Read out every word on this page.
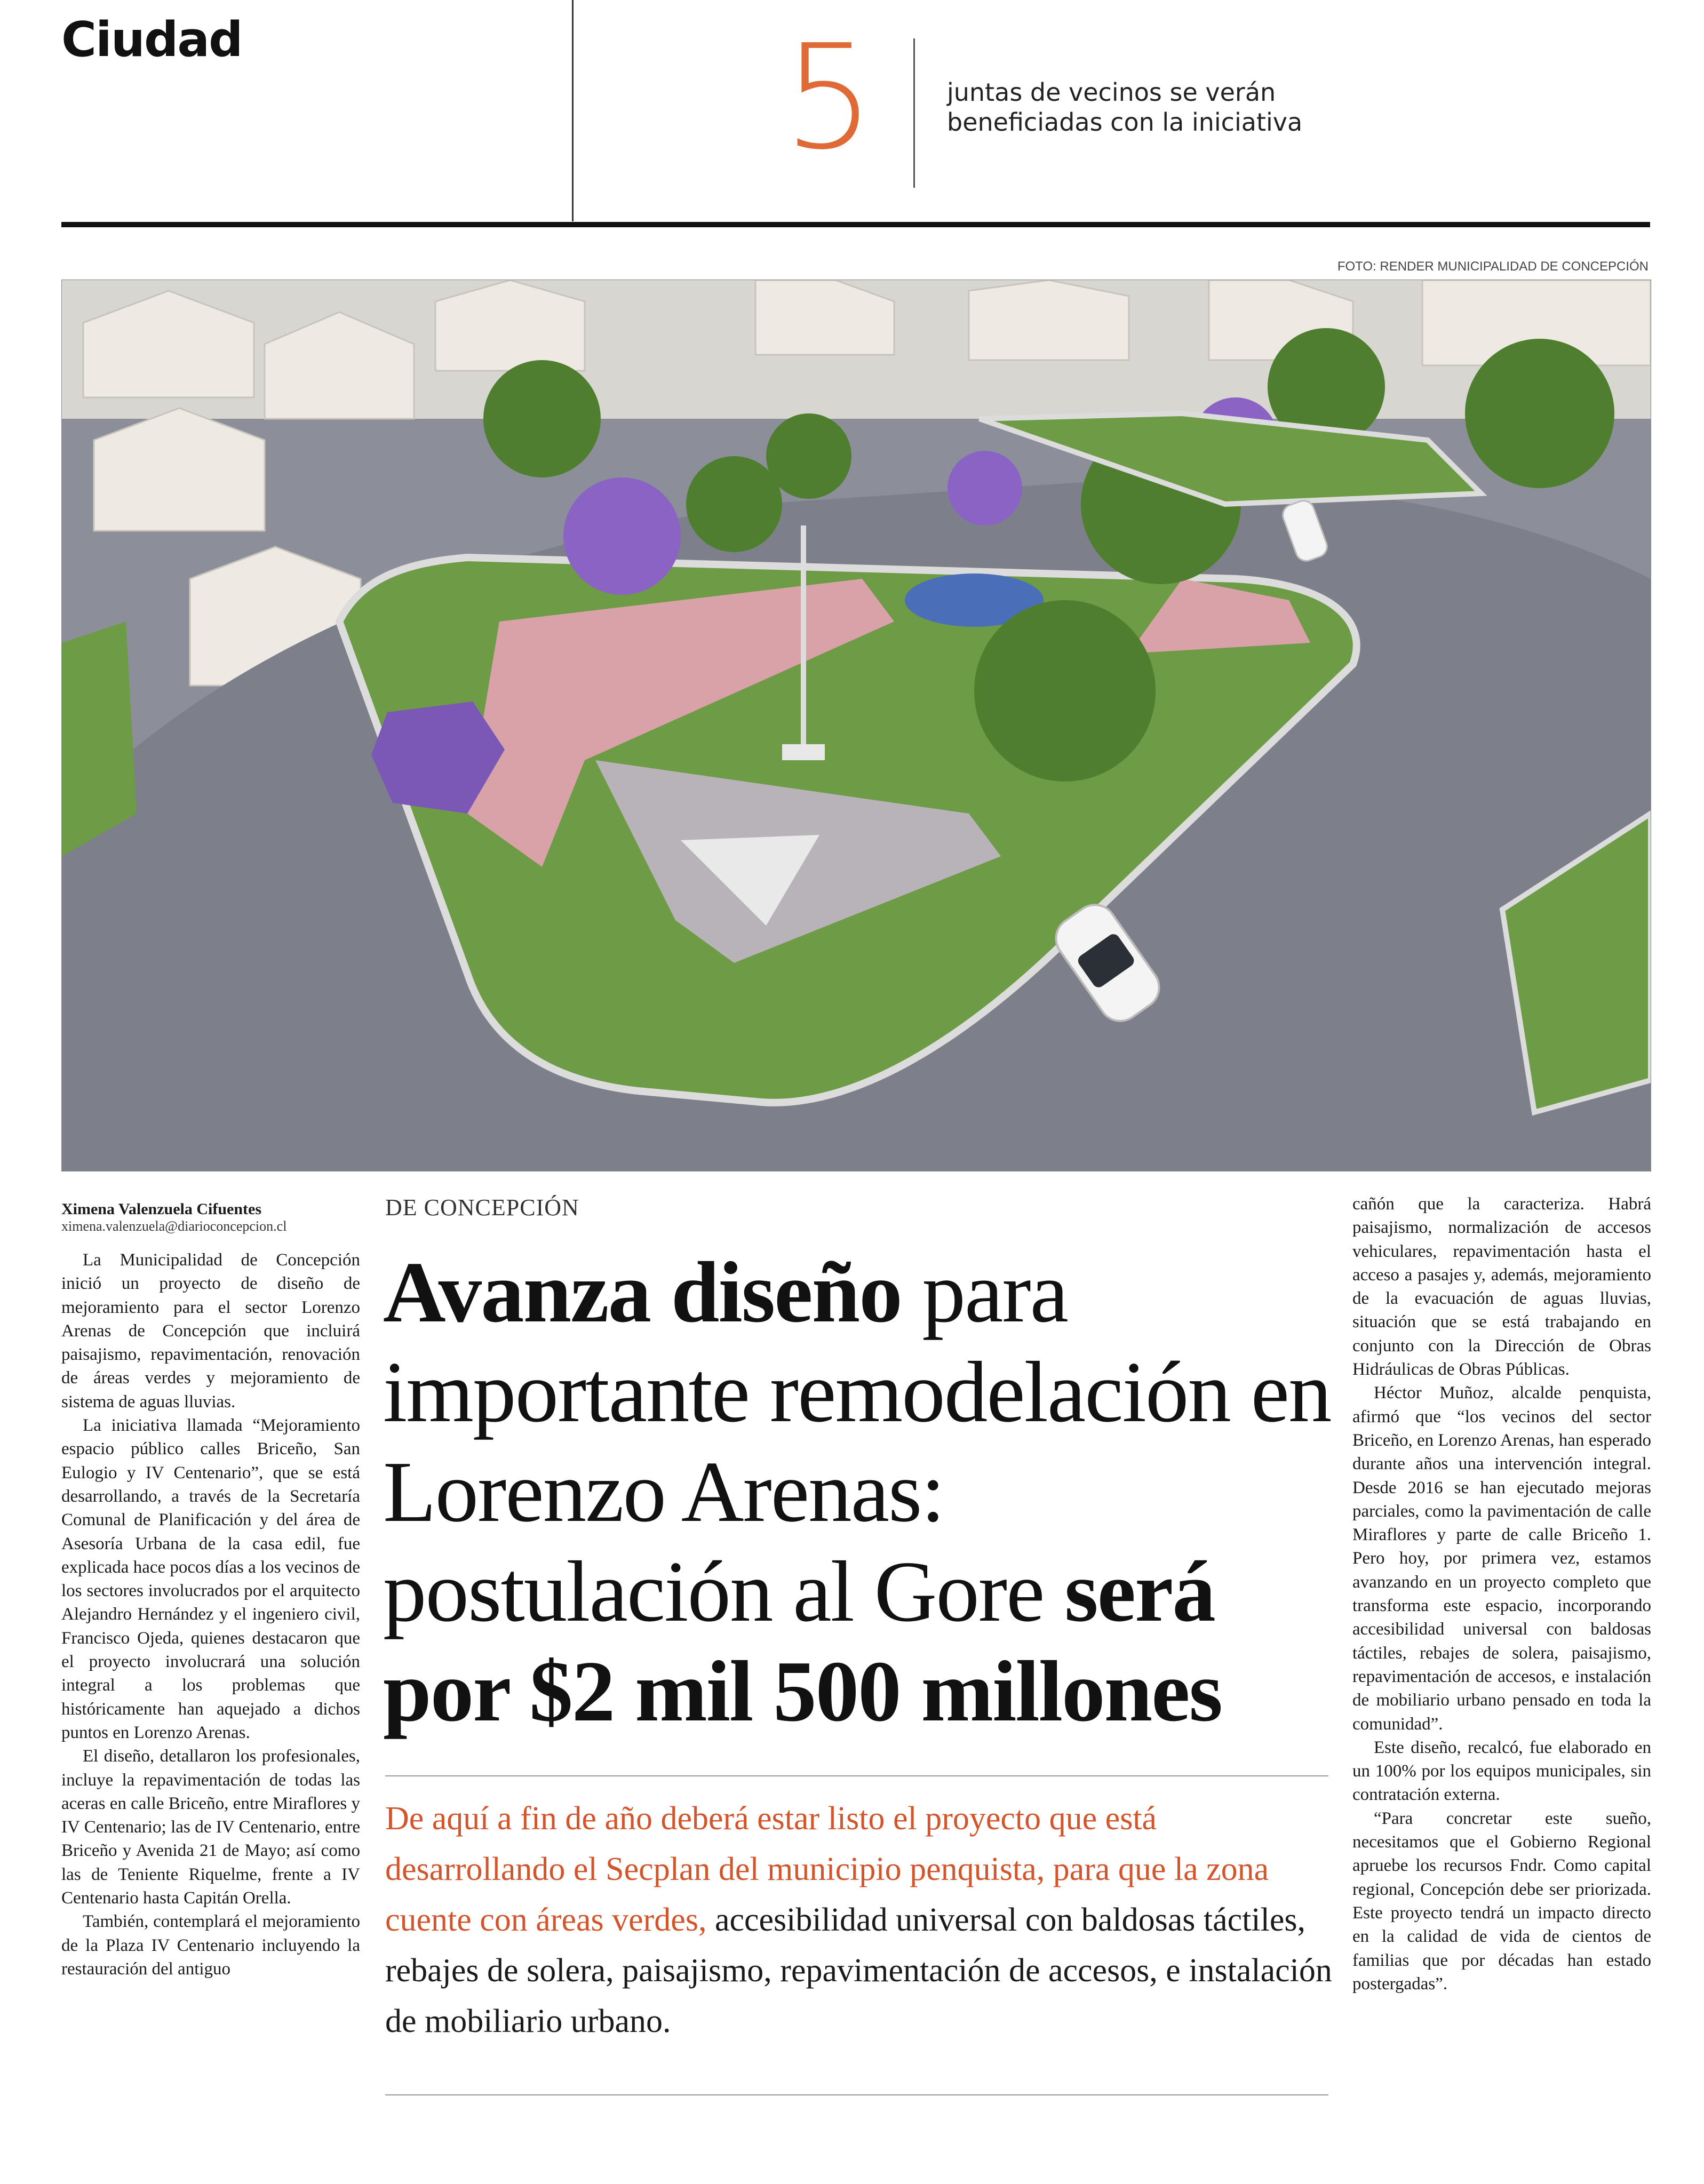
Ciudad	5	juntas de vecinos se verán beneficiadas con la iniciativa
FOTO: RENDER MUNICIPALIDAD DE CONCEPCIÓN
Ximena Valenzuela Cifuentes
ximena.valenzuela@diarioconcepcion.cl

La Municipalidad de Concepción inició un proyecto de diseño de mejoramiento para el sector Lorenzo Arenas de Concepción que incluirá paisajismo, repavimentación, renovación de áreas verdes y mejoramiento de sistema de aguas lluvias.

La iniciativa llamada “Mejoramiento espacio público calles Briceño, San Eulogio y IV Centenario”, que se está desarrollando, a través de la Secretaría Comunal de Planificación y del área de Asesoría Urbana de la casa edil, fue explicada hace pocos días a los vecinos de los sectores involucrados por el arquitecto Alejandro Hernández y el ingeniero civil, Francisco Ojeda, quienes destacaron que el proyecto involucrará una solución integral a los problemas que históricamente han aquejado a dichos puntos en Lorenzo Arenas.

El diseño, detallaron los profesionales, incluye la repavimentación de todas las aceras en calle Briceño, entre Miraflores y IV Centenario; las de IV Centenario, entre Briceño y Avenida 21 de Mayo; así como las de Teniente Riquelme, frente a IV Centenario hasta Capitán Orella.

También, contemplará el mejoramiento de la Plaza IV Centenario incluyendo la restauración del antiguo

DE CONCEPCIÓN
Avanza diseño para importante remodelación en Lorenzo Arenas: postulación al Gore será por $2 mil 500 millones
De aquí a fin de año deberá estar listo el proyecto que está desarrollando el Secplan del municipio penquista, para que la zona cuente con áreas verdes, accesibilidad universal con baldosas táctiles, rebajes de solera, paisajismo, repavimentación de accesos, e instalación de mobiliario urbano.

cañón que la caracteriza. Habrá paisajismo, normalización de accesos vehiculares, repavimentación hasta el acceso a pasajes y, además, mejoramiento de la evacuación de aguas lluvias, situación que se está trabajando en conjunto con la Dirección de Obras Hidráulicas de Obras Públicas.

Héctor Muñoz, alcalde penquista, afirmó que “los vecinos del sector Briceño, en Lorenzo Arenas, han esperado durante años una intervención integral. Desde 2016 se han ejecutado mejoras parciales, como la pavimentación de calle Miraflores y parte de calle Briceño 1. Pero hoy, por primera vez, estamos avanzando en un proyecto completo que transforma este espacio, incorporando accesibilidad universal con baldosas táctiles, rebajes de solera, paisajismo, repavimentación de accesos, e instalación de mobiliario urbano pensado en toda la comunidad”.

Este diseño, recalcó, fue elaborado en un 100% por los equipos municipales, sin contratación externa.

“Para concretar este sueño, necesitamos que el Gobierno Regional apruebe los recursos Fndr. Como capital regional, Concepción debe ser priorizada. Este proyecto tendrá un impacto directo en la calidad de vida de cientos de familias que por décadas han estado postergadas”.
